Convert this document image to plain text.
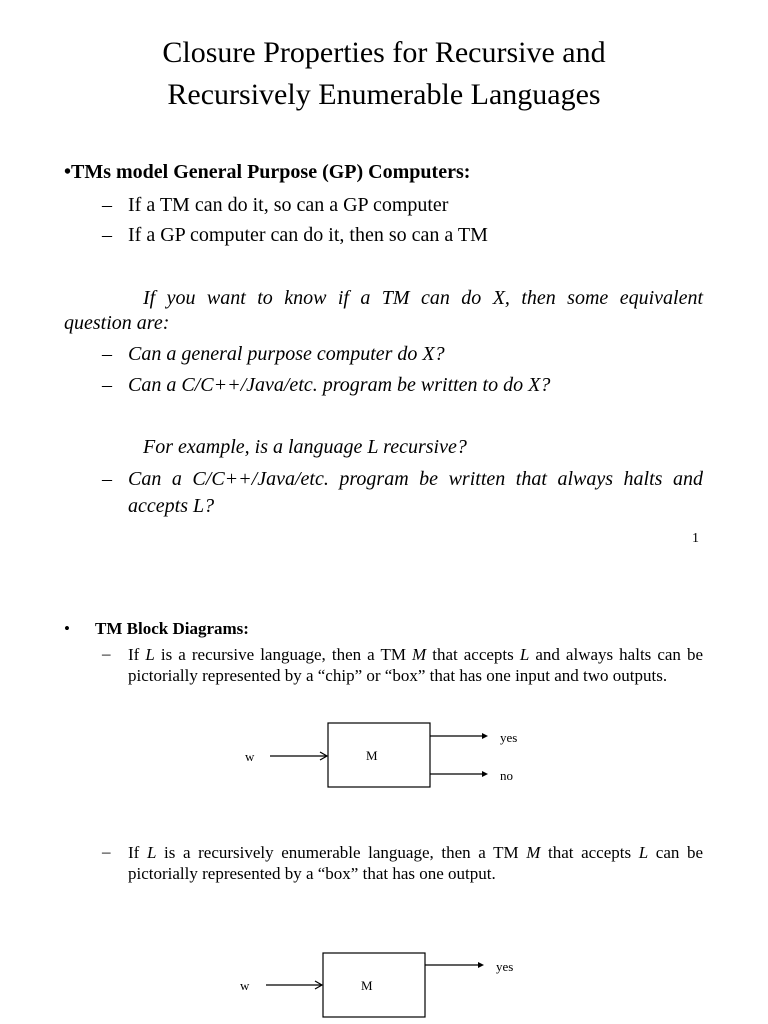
Closure Properties for Recursive and
Recursively Enumerable Languages
•TMs model General Purpose (GP) Computers:
– If a TM can do it, so can a GP computer
– If a GP computer can do it, then so can a TM
If you want to know if a TM can do X, then some equivalent
question are:
– Can a general purpose computer do X?
– Can a C/C++/Java/etc. program be written to do X?
For example, is a language L recursive?
– Can a C/C++/Java/etc. program be written that always halts and
accepts L?
1
• TM Block Diagrams:
– If L is a recursive language, then a TM M that accepts L and always halts can be pictorially represented by a “chip” or “box” that has one input and two outputs.
w	M
yes
no
– If L is a recursively enumerable language, then a TM M that accepts L can be pictorially represented by a “box” that has one output.
w	M
yes
